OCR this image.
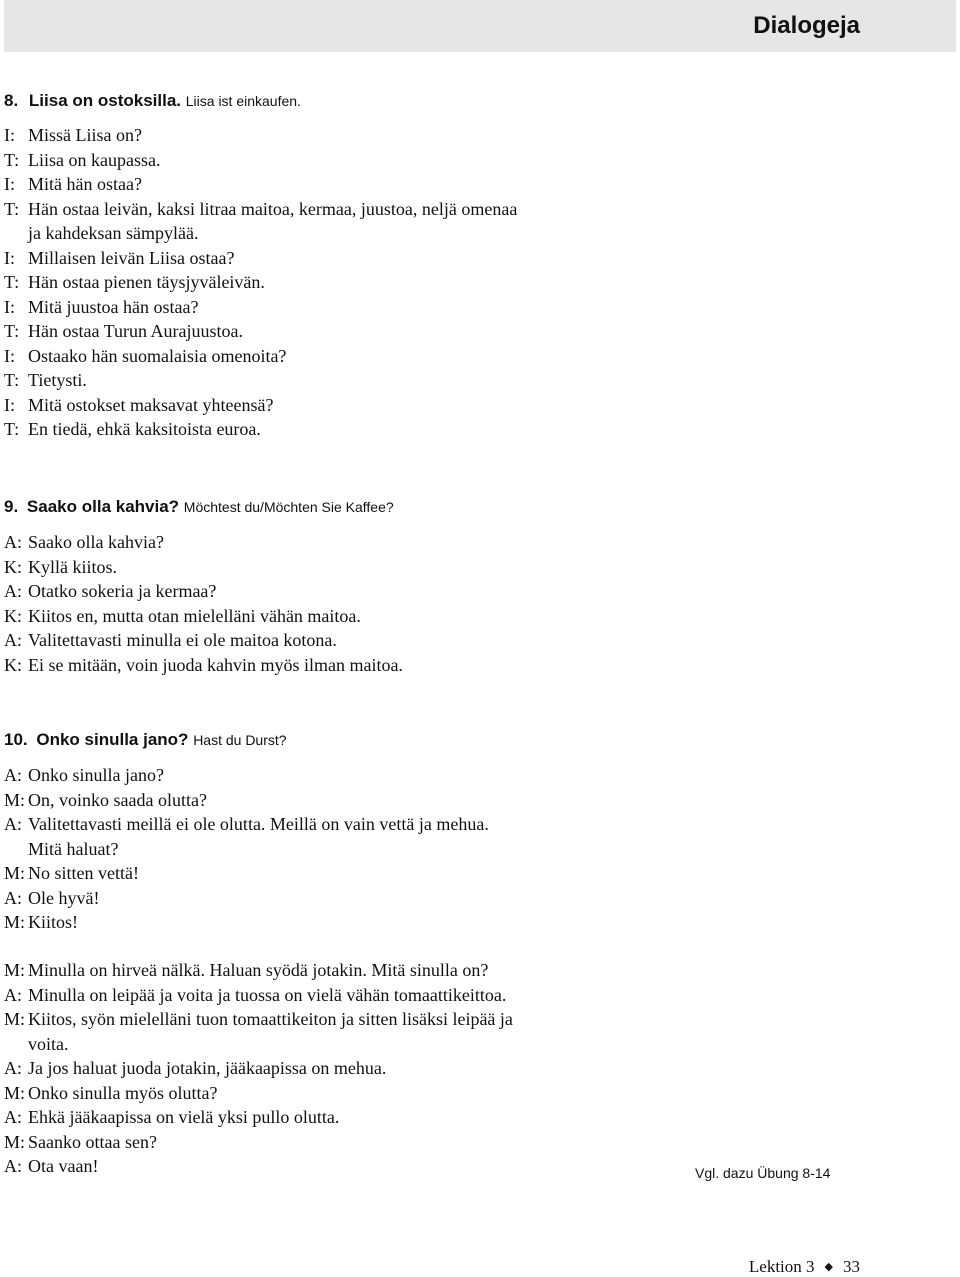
Dialogeja
8. Liisa on ostoksilla. Liisa ist einkaufen.
I: Missä Liisa on?
T: Liisa on kaupassa.
I: Mitä hän ostaa?
T: Hän ostaa leivän, kaksi litraa maitoa, kermaa, juustoa, neljä omenaa
ja kahdeksan sämpylää.
I: Millaisen leivän Liisa ostaa?
T: Hän ostaa pienen täysjyväleivän.
I: Mitä juustoa hän ostaa?
T: Hän ostaa Turun Aurajuustoa.
I: Ostaako hän suomalaisia omenoita?
T: Tietysti.
I: Mitä ostokset maksavat yhteensä?
T: En tiedä, ehkä kaksitoista euroa.
9. Saako olla kahvia? Möchtest du/Möchten Sie Kaffee?
A: Saako olla kahvia?
K: Kyllä kiitos.
A: Otatko sokeria ja kermaa?
K: Kiitos en, mutta otan mielelläni vähän maitoa.
A: Valitettavasti minulla ei ole maitoa kotona.
K: Ei se mitään, voin juoda kahvin myös ilman maitoa.
10. Onko sinulla jano? Hast du Durst?
A: Onko sinulla jano?
M: On, voinko saada olutta?
A: Valitettavasti meillä ei ole olutta. Meillä on vain vettä ja mehua.
Mitä haluat?
M: No sitten vettä!
A: Ole hyvä!
M: Kiitos!
M: Minulla on hirveä nälkä. Haluan syödä jotakin. Mitä sinulla on?
A: Minulla on leipää ja voita ja tuossa on vielä vähän tomaattikeittoa.
M: Kiitos, syön mielelläni tuon tomaattikeiton ja sitten lisäksi leipää ja
voita.
A: Ja jos haluat juoda jotakin, jääkaapissa on mehua.
M: Onko sinulla myös olutta?
A: Ehkä jääkaapissa on vielä yksi pullo olutta.
M: Saanko ottaa sen?
A: Ota vaan!	Vgl. dazu Übung 8-14
Lektion 3 ◆ 33
